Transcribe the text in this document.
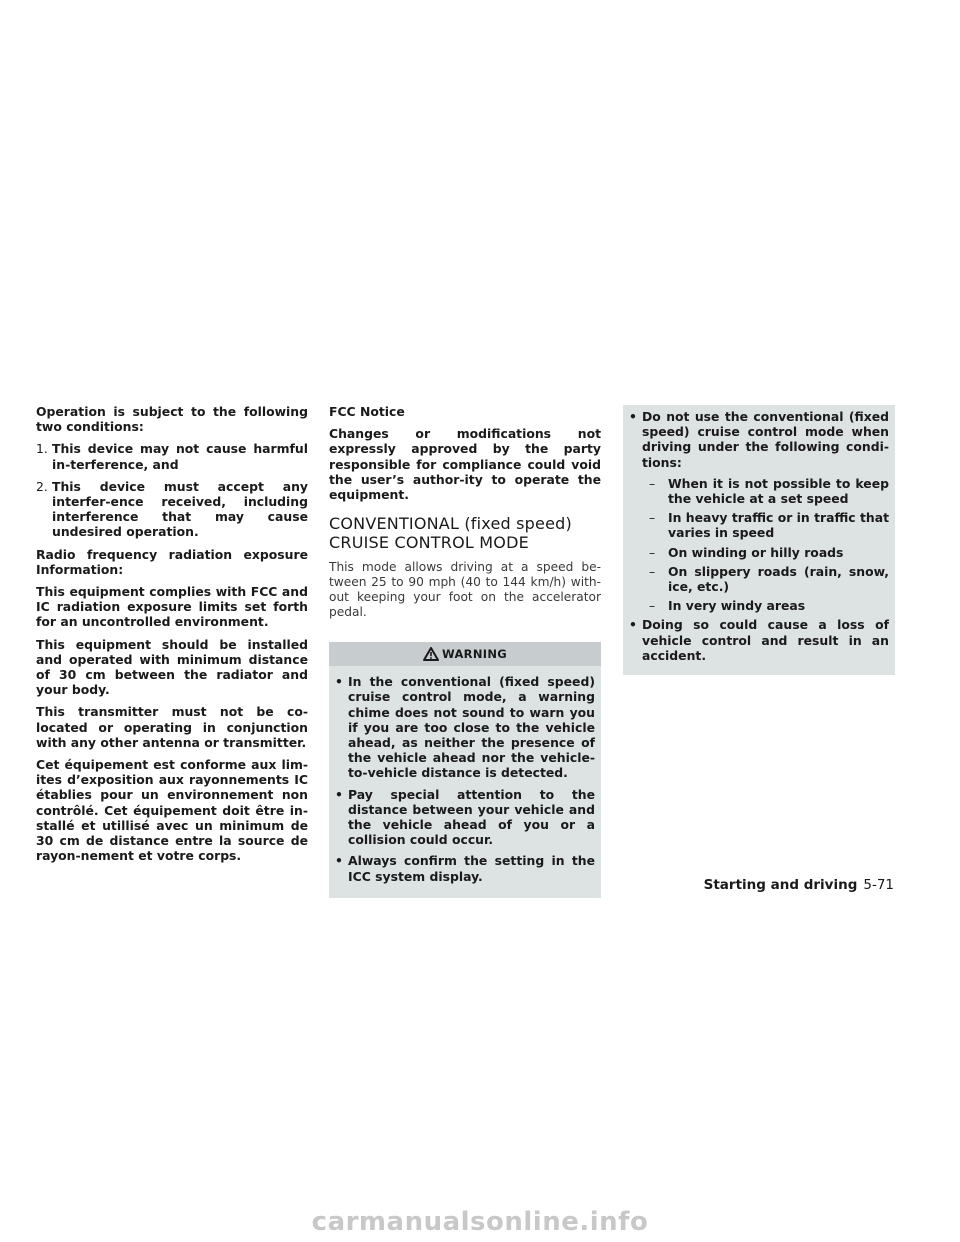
Operation is subject to the following two conditions:

1. This device may not cause harmful in-terference, and
2. This device must accept any interfer-ence received, including interference that may cause undesired operation.

Radio frequency radiation exposure Information:

This equipment complies with FCC and IC radiation exposure limits set forth for an uncontrolled environment.

This equipment should be installed and operated with minimum distance of 30 cm between the radiator and your body.

This transmitter must not be co-located or operating in conjunction with any other antenna or transmitter.

Cet équipement est conforme aux lim-ites d’exposition aux rayonnements IC établies pour un environnement non contrôlé. Cet équipement doit être in-stallé et utillisé avec un minimum de 30 cm de distance entre la source de rayon-nement et votre corps.

FCC Notice

Changes or modifications not expressly approved by the party responsible for compliance could void the user’s author-ity to operate the equipment.

CONVENTIONAL (fixed speed)
CRUISE CONTROL MODE

This mode allows driving at a speed be-tween 25 to 90 mph (40 to 144 km/h) with-out keeping your foot on the accelerator pedal.

WARNING
• In the conventional (fixed speed) cruise control mode, a warning chime does not sound to warn you if you are too close to the vehicle ahead, as neither the presence of the vehicle ahead nor the vehicle-to-vehicle distance is detected.
• Pay special attention to the distance between your vehicle and the vehicle ahead of you or a collision could occur.
• Always confirm the setting in the ICC system display.
• Do not use the conventional (fixed speed) cruise control mode when driving under the following condi-tions:
–	When it is not possible to keep the vehicle at a set speed
–	In heavy traffic or in traffic that varies in speed
–	On winding or hilly roads
–	On slippery roads (rain, snow, ice, etc.)
–	In very windy areas
• Doing so could cause a loss of vehicle control and result in an accident.
Starting and driving 5-71
carmanualsonline.info
